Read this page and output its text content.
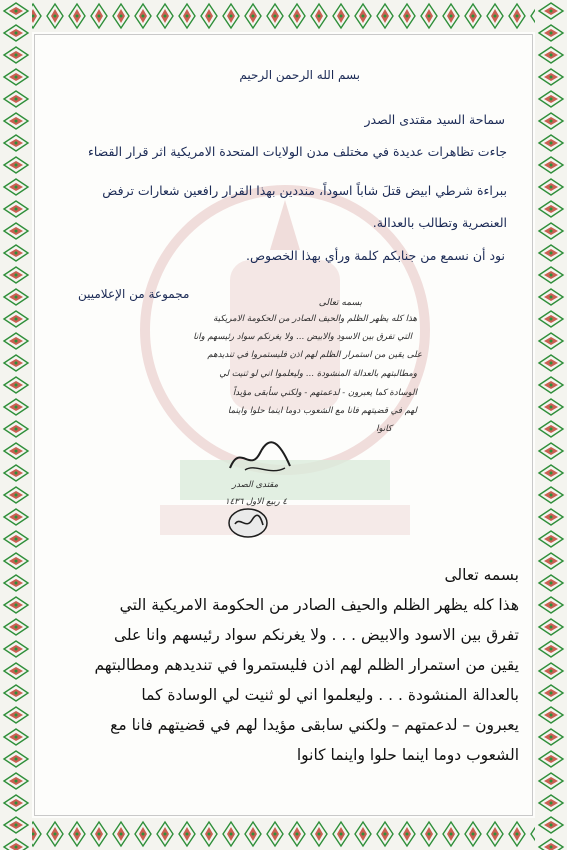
بسم الله الرحمن الرحيم
سماحة السيد مقتدى الصدر
جاءت تظاهرات عديدة في مختلف مدن الولايات المتحدة الامريكية اثر قرار القضاء
ببراءة شرطي ابيض قتلَ شاباً اسوداً، منددين بهذا القرار رافعين شعارات ترفض
العنصرية وتطالب بالعدالة.
نود أن نسمع من جنابكم كلمة ورأي بهذا الخصوص.
مجموعة من الإعلاميين
بسمه تعالى
هذا كله يظهر الظلم والحيف الصادر من الحكومة الامريكية
التي تفرق بين الاسود والابيض ... ولا يغرنكم سواد رئيسهم وانا
على يقين من استمرار الظلم لهم اذن فليستمروا في تنديدهم
ومطالبتهم بالعدالة المنشودة ... وليعلموا اني لو ثنيت لي
الوسادة كما يعبرون - لدعمتهم - ولكني سأبقى مؤيداً
لهم في قضيتهم فانا مع الشعوب دوما اينما حلوا واينما
كانوا
مقتدى الصدر
٤ ربيع الاول ١٤٣٦
بسمه تعالى
هذا كله يظهر الظلم والحيف الصادر من الحكومة الامريكية التي
تفرق بين الاسود والابيض . . . ولا يغرنكم سواد رئيسهم وانا على
يقين من استمرار الظلم لهم اذن فليستمروا في تنديدهم ومطالبتهم
بالعدالة المنشودة . . . وليعلموا اني لو ثنيت لي الوسادة كما
يعبرون – لدعمتهم – ولكني سابقى مؤيدا لهم في قضيتهم فانا مع
الشعوب دوما اينما حلوا واينما كانوا
